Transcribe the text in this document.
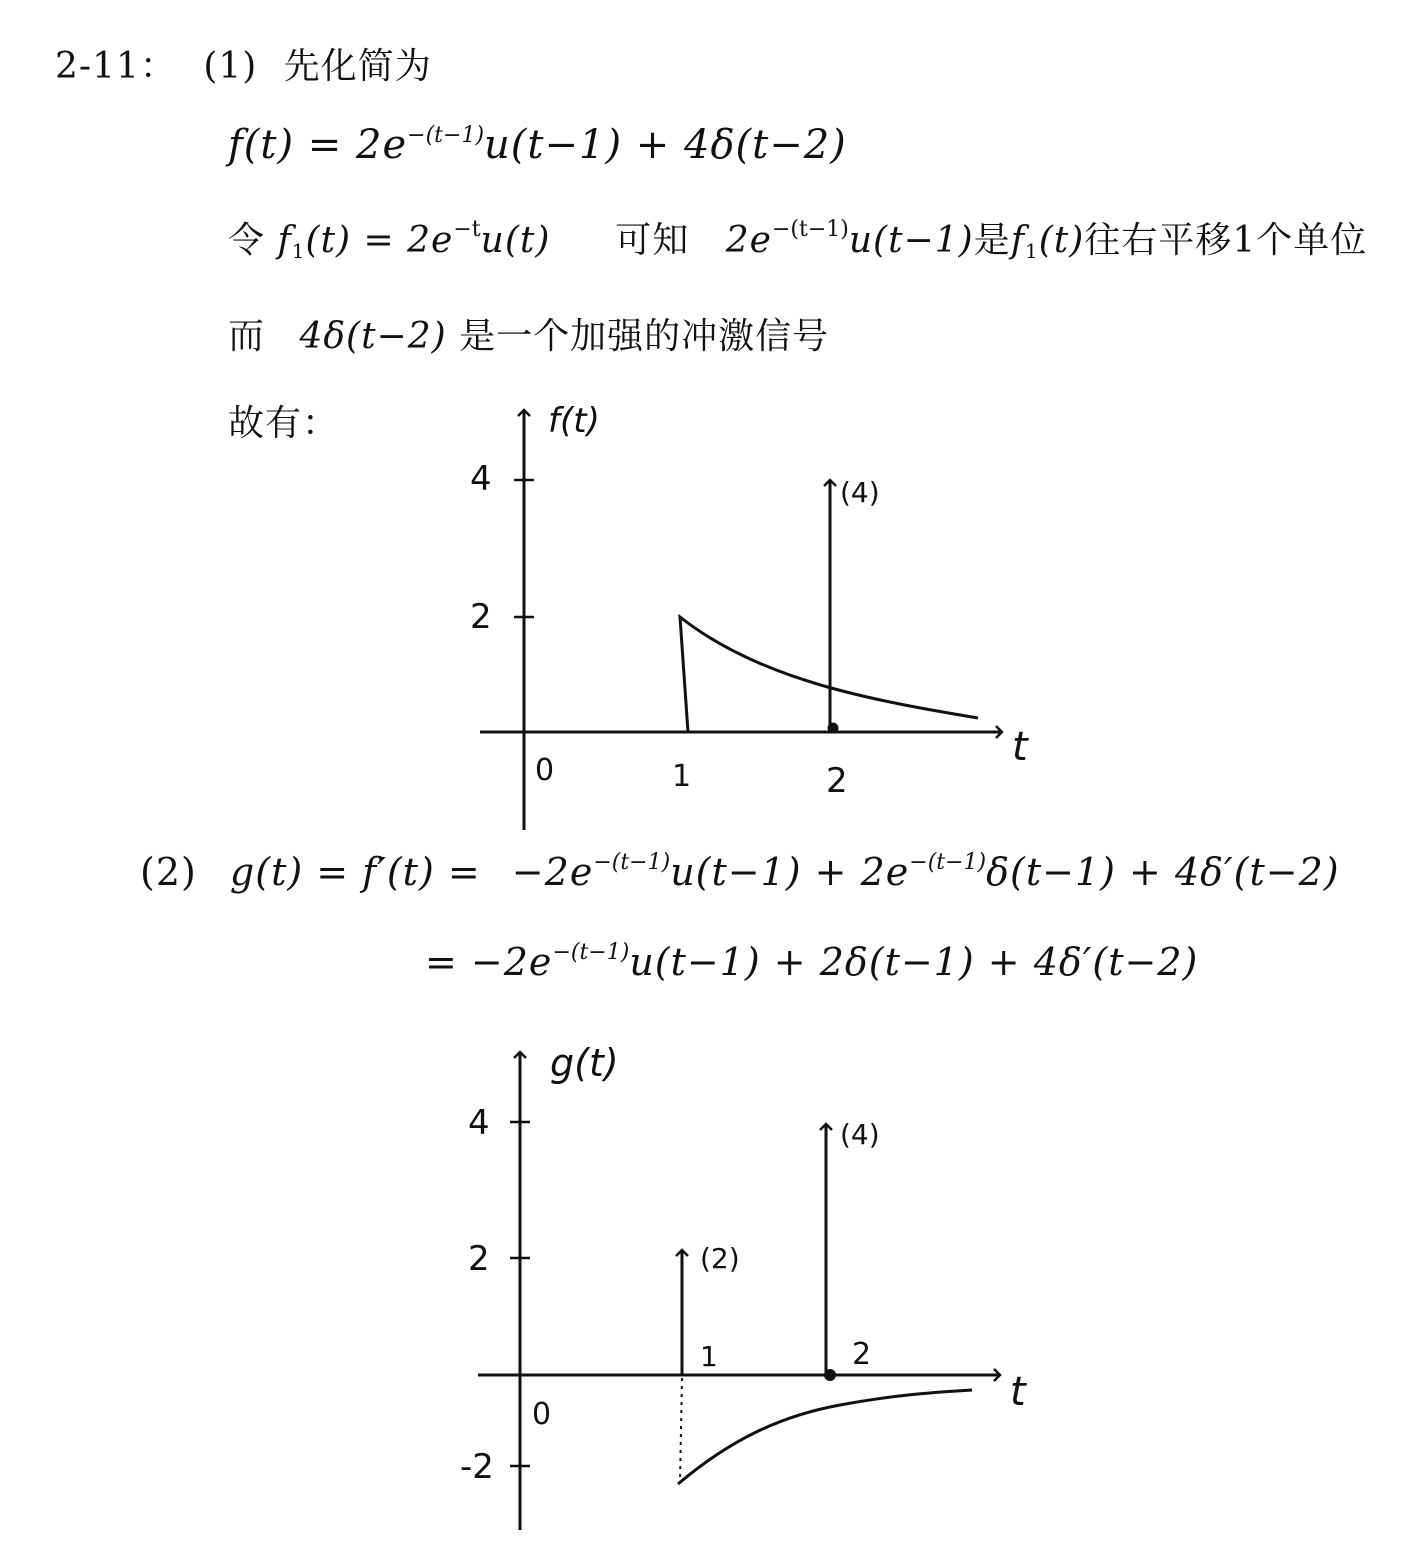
2-11： (1) 先化简为
$f(t) = 2e^{-(t-1)}u(t-1) + 4\delta(t-2)$
令 $f_1(t) = 2e^{-t}u(t)$ 可知 $2e^{-(t-1)}u(t-1)$是$f_1(t)$往右平移1个单位
而 4δ(t−2) 是一个加强的冲激信号
故有：
(2) $g(t) = f'(t) = -2e^{-(t-1)}u(t-1) + 2e^{-(t-1)}\delta(t-1) + 4\delta'(t-2)$
= $-2e^{-(t-1)}u(t-1) + 2\delta(t-1) + 4\delta'(t-2)$
f(t)
t
4
2
0	1	2
(4)
g(t)
t
4
2
-2
0
1	2
(2)
(4)
